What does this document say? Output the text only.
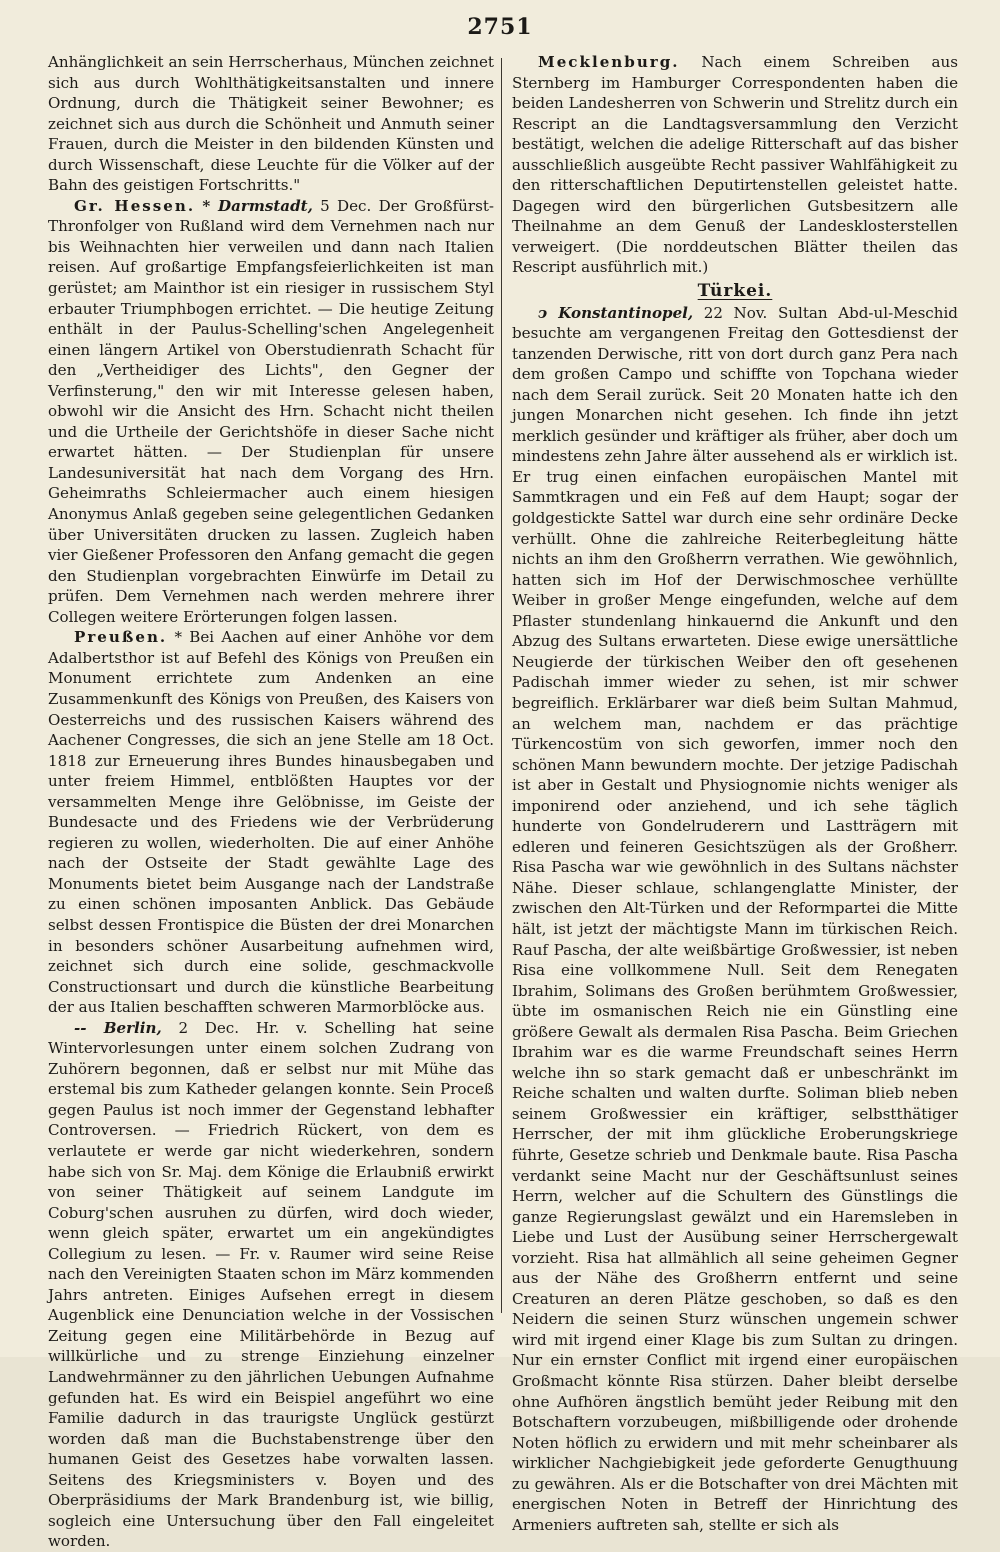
2751

Anhänglichkeit an sein Herrscherhaus, München zeichnet sich aus durch Wohlthätigkeitsanstalten und innere Ordnung, durch die Thätigkeit seiner Bewohner; es zeichnet sich aus durch die Schönheit und Anmuth seiner Frauen, durch die Meister in den bildenden Künsten und durch Wissenschaft, diese Leuchte für die Völker auf der Bahn des geistigen Fortschritts."

Gr. Hessen. * Darmstadt, 5 Dec. Der Großfürst-Thronfolger von Rußland wird dem Vernehmen nach nur bis Weihnachten hier verweilen und dann nach Italien reisen. Auf großartige Empfangsfeierlichkeiten ist man gerüstet; am Mainthor ist ein riesiger in russischem Styl erbauter Triumphbogen errichtet. — Die heutige Zeitung enthält in der Paulus-Schelling'schen Angelegenheit einen längern Artikel von Oberstudienrath Schacht für den „Vertheidiger des Lichts", den Gegner der Verfinsterung," den wir mit Interesse gelesen haben, obwohl wir die Ansicht des Hrn. Schacht nicht theilen und die Urtheile der Gerichtshöfe in dieser Sache nicht erwartet hätten. — Der Studienplan für unsere Landesuniversität hat nach dem Vorgang des Hrn. Geheimraths Schleiermacher auch einem hiesigen Anonymus Anlaß gegeben seine gelegentlichen Gedanken über Universitäten drucken zu lassen. Zugleich haben vier Gießener Professoren den Anfang gemacht die gegen den Studienplan vorgebrachten Einwürfe im Detail zu prüfen. Dem Vernehmen nach werden mehrere ihrer Collegen weitere Erörterungen folgen lassen.

Preußen. * Bei Aachen auf einer Anhöhe vor dem Adalbertsthor ist auf Befehl des Königs von Preußen ein Monument errichtete zum Andenken an eine Zusammenkunft des Königs von Preußen, des Kaisers von Oesterreichs und des russischen Kaisers während des Aachener Congresses, die sich an jene Stelle am 18 Oct. 1818 zur Erneuerung ihres Bundes hinausbegaben und unter freiem Himmel, entblößten Hauptes vor der versammelten Menge ihre Gelöbnisse, im Geiste der Bundesacte und des Friedens wie der Verbrüderung regieren zu wollen, wiederholten. Die auf einer Anhöhe nach der Ostseite der Stadt gewählte Lage des Monuments bietet beim Ausgange nach der Landstraße zu einen schönen imposanten Anblick. Das Gebäude selbst dessen Frontispice die Büsten der drei Monarchen in besonders schöner Ausarbeitung aufnehmen wird, zeichnet sich durch eine solide, geschmackvolle Constructionsart und durch die künstliche Bearbeitung der aus Italien beschafften schweren Marmorblöcke aus.

-- Berlin, 2 Dec. Hr. v. Schelling hat seine Wintervorlesungen unter einem solchen Zudrang von Zuhörern begonnen, daß er selbst nur mit Mühe das erstemal bis zum Katheder gelangen konnte. Sein Proceß gegen Paulus ist noch immer der Gegenstand lebhafter Controversen. — Friedrich Rückert, von dem es verlautete er werde gar nicht wiederkehren, sondern habe sich von Sr. Maj. dem Könige die Erlaubniß erwirkt von seiner Thätigkeit auf seinem Landgute im Coburg'schen ausruhen zu dürfen, wird doch wieder, wenn gleich später, erwartet um ein angekündigtes Collegium zu lesen. — Fr. v. Raumer wird seine Reise nach den Vereinigten Staaten schon im März kommenden Jahrs antreten. Einiges Aufsehen erregt in diesem Augenblick eine Denunciation welche in der Vossischen Zeitung gegen eine Militärbehörde in Bezug auf willkürliche und zu strenge Einziehung einzelner Landwehrmänner zu den jährlichen Uebungen Aufnahme gefunden hat. Es wird ein Beispiel angeführt wo eine Familie dadurch in das traurigste Unglück gestürzt worden daß man die Buchstabenstrenge über den humanen Geist des Gesetzes habe vorwalten lassen. Seitens des Kriegsministers v. Boyen und des Oberpräsidiums der Mark Brandenburg ist, wie billig, sogleich eine Untersuchung über den Fall eingeleitet worden.

Mecklenburg. Nach einem Schreiben aus Sternberg im Hamburger Correspondenten haben die beiden Landesherren von Schwerin und Strelitz durch ein Rescript an die Landtagsversammlung den Verzicht bestätigt, welchen die adelige Ritterschaft auf das bisher ausschließlich ausgeübte Recht passiver Wahlfähigkeit zu den ritterschaftlichen Deputirtenstellen geleistet hatte. Dagegen wird den bürgerlichen Gutsbesitzern alle Theilnahme an dem Genuß der Landesklosterstellen verweigert. (Die norddeutschen Blätter theilen das Rescript ausführlich mit.)

Türkei.

ↄ Konstantinopel, 22 Nov. Sultan Abd-ul-Meschid besuchte am vergangenen Freitag den Gottesdienst der tanzenden Derwische, ritt von dort durch ganz Pera nach dem großen Campo und schiffte von Topchana wieder nach dem Serail zurück. Seit 20 Monaten hatte ich den jungen Monarchen nicht gesehen. Ich finde ihn jetzt merklich gesünder und kräftiger als früher, aber doch um mindestens zehn Jahre älter aussehend als er wirklich ist. Er trug einen einfachen europäischen Mantel mit Sammtkragen und ein Feß auf dem Haupt; sogar der goldgestickte Sattel war durch eine sehr ordinäre Decke verhüllt. Ohne die zahlreiche Reiterbegleitung hätte nichts an ihm den Großherrn verrathen. Wie gewöhnlich, hatten sich im Hof der Derwischmoschee verhüllte Weiber in großer Menge eingefunden, welche auf dem Pflaster stundenlang hinkauernd die Ankunft und den Abzug des Sultans erwarteten. Diese ewige unersättliche Neugierde der türkischen Weiber den oft gesehenen Padischah immer wieder zu sehen, ist mir schwer begreiflich. Erklärbarer war dieß beim Sultan Mahmud, an welchem man, nachdem er das prächtige Türkencostüm von sich geworfen, immer noch den schönen Mann bewundern mochte. Der jetzige Padischah ist aber in Gestalt und Physiognomie nichts weniger als imponirend oder anziehend, und ich sehe täglich hunderte von Gondelruderern und Lastträgern mit edleren und feineren Gesichtszügen als der Großherr. Risa Pascha war wie gewöhnlich in des Sultans nächster Nähe. Dieser schlaue, schlangenglatte Minister, der zwischen den Alt-Türken und der Reformpartei die Mitte hält, ist jetzt der mächtigste Mann im türkischen Reich. Rauf Pascha, der alte weißbärtige Großwessier, ist neben Risa eine vollkommene Null. Seit dem Renegaten Ibrahim, Solimans des Großen berühmtem Großwessier, übte im osmanischen Reich nie ein Günstling eine größere Gewalt als dermalen Risa Pascha. Beim Griechen Ibrahim war es die warme Freundschaft seines Herrn welche ihn so stark gemacht daß er unbeschränkt im Reiche schalten und walten durfte. Soliman blieb neben seinem Großwessier ein kräftiger, selbstthätiger Herrscher, der mit ihm glückliche Eroberungskriege führte, Gesetze schrieb und Denkmale baute. Risa Pascha verdankt seine Macht nur der Geschäftsunlust seines Herrn, welcher auf die Schultern des Günstlings die ganze Regierungslast gewälzt und ein Haremsleben in Liebe und Lust der Ausübung seiner Herrschergewalt vorzieht. Risa hat allmählich all seine geheimen Gegner aus der Nähe des Großherrn entfernt und seine Creaturen an deren Plätze geschoben, so daß es den Neidern die seinen Sturz wünschen ungemein schwer wird mit irgend einer Klage bis zum Sultan zu dringen. Nur ein ernster Conflict mit irgend einer europäischen Großmacht könnte Risa stürzen. Daher bleibt derselbe ohne Aufhören ängstlich bemüht jeder Reibung mit den Botschaftern vorzubeugen, mißbilligende oder drohende Noten höflich zu erwidern und mit mehr scheinbarer als wirklicher Nachgiebigkeit jede geforderte Genugthuung zu gewähren. Als er die Botschafter von drei Mächten mit energischen Noten in Betreff der Hinrichtung des Armeniers auftreten sah, stellte er sich als
